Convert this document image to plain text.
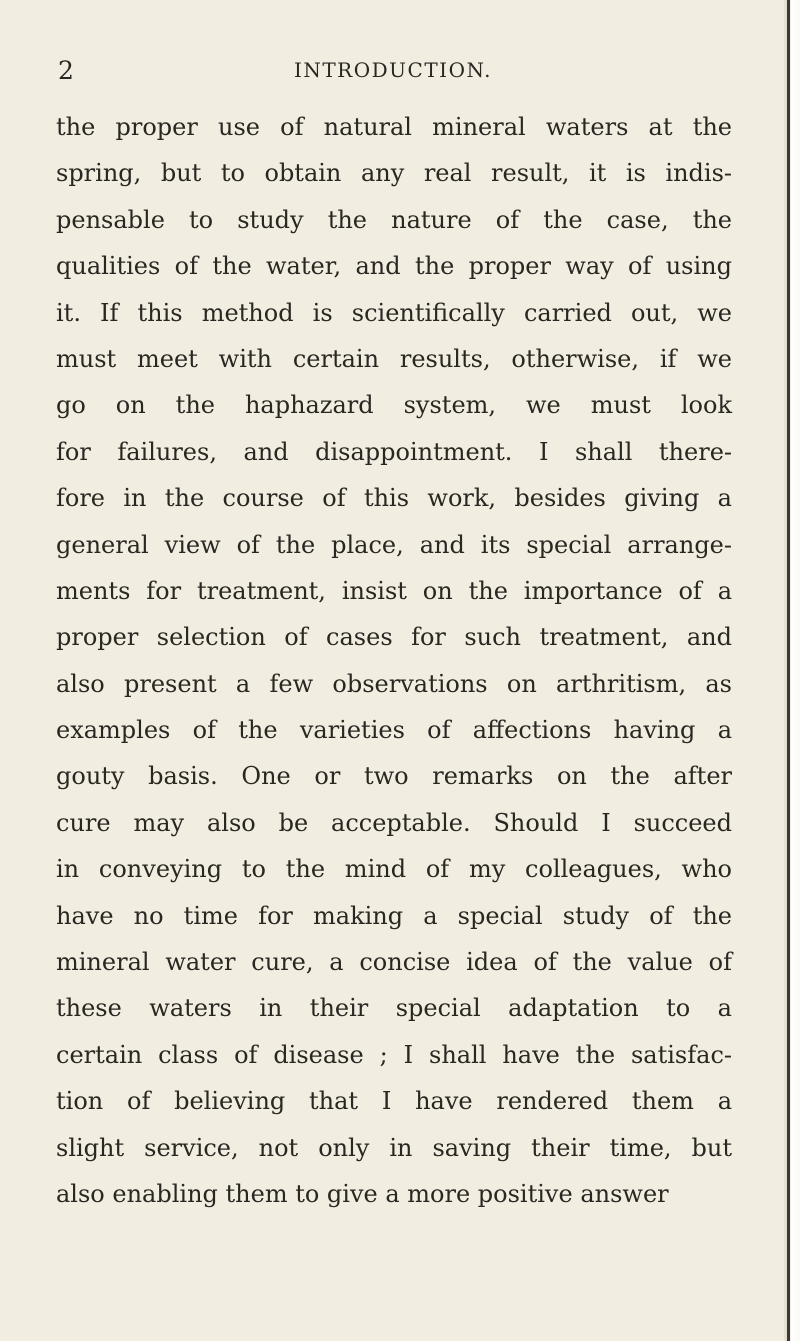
2	INTRODUCTION.
the proper use of natural mineral waters at the
spring, but to obtain any real result, it is indis-
pensable to study the nature of the case, the
qualities of the water, and the proper way of using
it. If this method is scientifically carried out, we
must meet with certain results, otherwise, if we
go on the haphazard system, we must look
for failures, and disappointment. I shall there-
fore in the course of this work, besides giving a
general view of the place, and its special arrange-
ments for treatment, insist on the importance of a
proper selection of cases for such treatment, and
also present a few observations on arthritism, as
examples of the varieties of affections having a
gouty basis. One or two remarks on the after
cure may also be acceptable. Should I succeed
in conveying to the mind of my colleagues, who
have no time for making a special study of the
mineral water cure, a concise idea of the value of
these waters in their special adaptation to a
certain class of disease ; I shall have the satisfac-
tion of believing that I have rendered them a
slight service, not only in saving their time, but
also enabling them to give a more positive answer
